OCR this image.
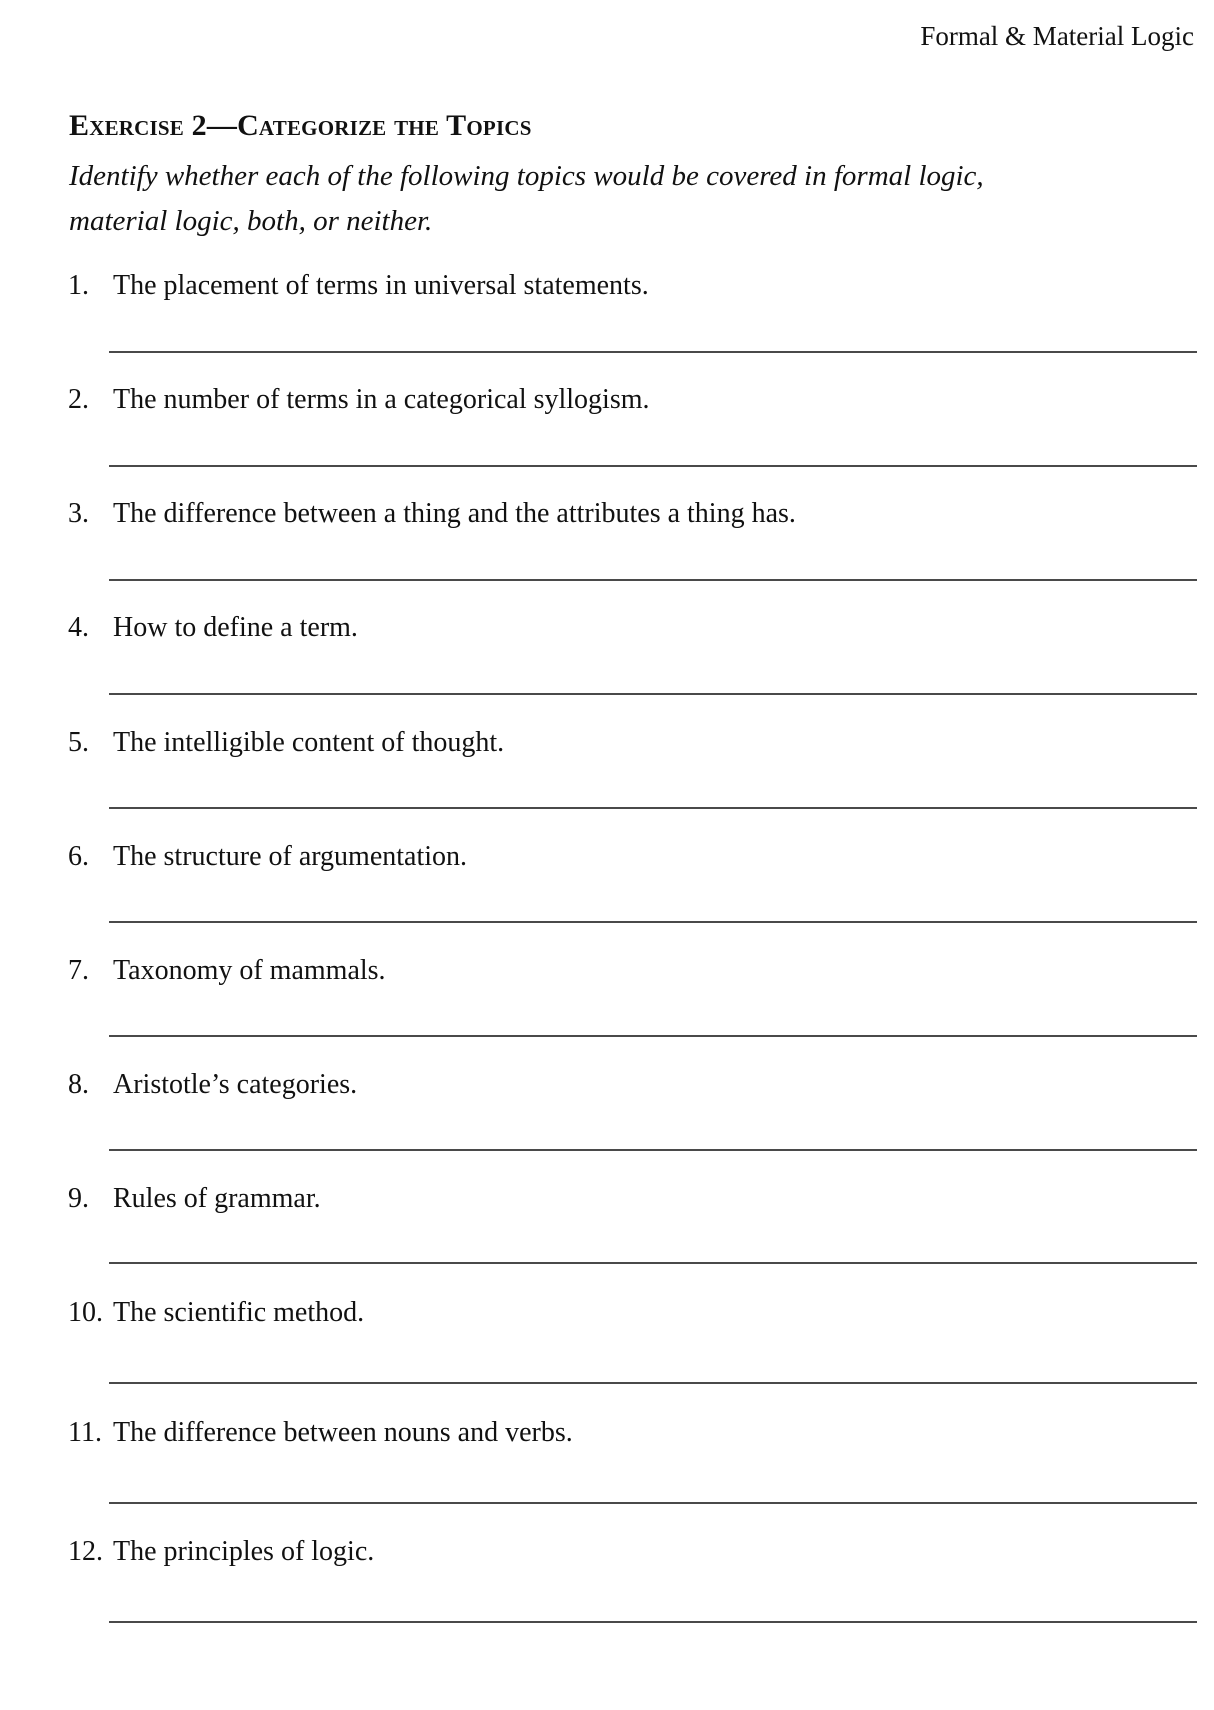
Formal & Material Logic
Exercise 2—Categorize the Topics
Identify whether each of the following topics would be covered in formal logic,
material logic, both, or neither.
1. The placement of terms in universal statements.
2. The number of terms in a categorical syllogism.
3. The difference between a thing and the attributes a thing has.
4. How to define a term.
5. The intelligible content of thought.
6. The structure of argumentation.
7. Taxonomy of mammals.
8. Aristotle’s categories.
9. Rules of grammar.
10. The scientific method.
11. The difference between nouns and verbs.
12. The principles of logic.
